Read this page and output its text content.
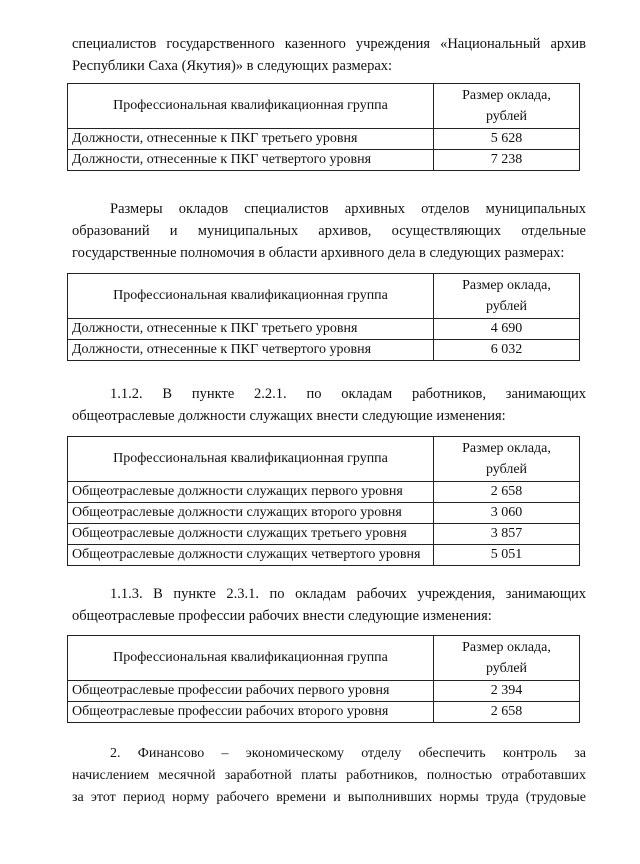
специалистов государственного казенного учреждения «Национальный архив
Республики Саха (Якутия)» в следующих размерах:
Профессиональная квалификационная группа	Размер оклада,
рублей
Должности, отнесенные к ПКГ третьего уровня	5 628
Должности, отнесенные к ПКГ четвертого уровня	7 238
Размеры окладов специалистов архивных отделов муниципальных
образований и муниципальных архивов, осуществляющих отдельные
государственные полномочия в области архивного дела в следующих размерах:
Профессиональная квалификационная группа	Размер оклада,
рублей
Должности, отнесенные к ПКГ третьего уровня	4 690
Должности, отнесенные к ПКГ четвертого уровня	6 032
1.1.2. В пункте 2.2.1. по окладам работников, занимающих
общеотраслевые должности служащих внести следующие изменения:
Профессиональная квалификационная группа	Размер оклада,
рублей
Общеотраслевые должности служащих первого уровня	2 658
Общеотраслевые должности служащих второго уровня	3 060
Общеотраслевые должности служащих третьего уровня	3 857
Общеотраслевые должности служащих четвертого уровня	5 051
1.1.3. В пункте 2.3.1. по окладам рабочих учреждения, занимающих
общеотраслевые профессии рабочих внести следующие изменения:
Профессиональная квалификационная группа	Размер оклада,
рублей
Общеотраслевые профессии рабочих первого уровня	2 394
Общеотраслевые профессии рабочих второго уровня	2 658
2. Финансово – экономическому отделу обеспечить контроль за
начислением месячной заработной платы работников, полностью отработавших
за этот период норму рабочего времени и выполнивших нормы труда (трудовые
